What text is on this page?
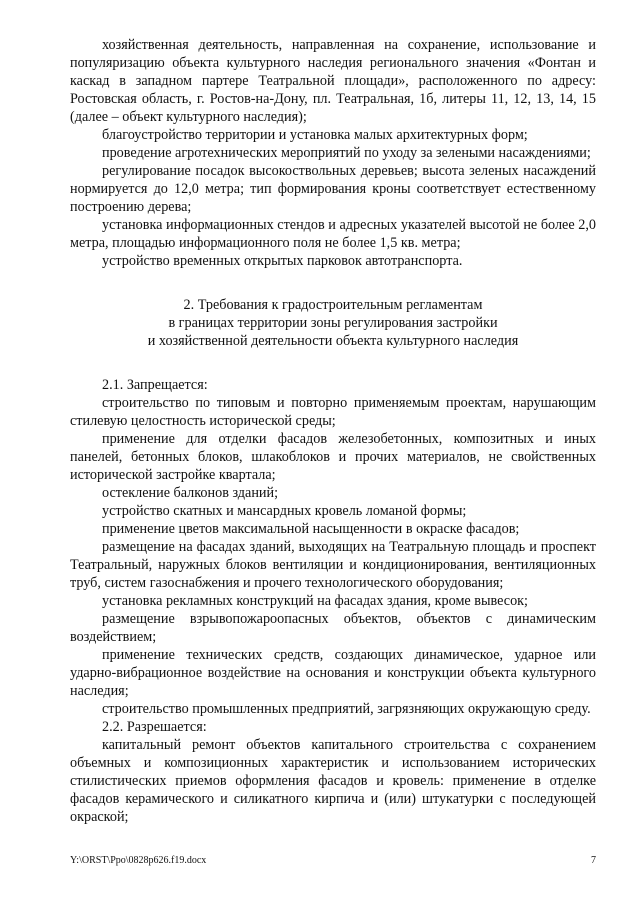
хозяйственная деятельность, направленная на сохранение, использование и популяризацию объекта культурного наследия регионального значения «Фонтан и каскад в западном партере Театральной площади», расположенного по адресу: Ростовская область, г. Ростов-на-Дону, пл. Театральная, 1б, литеры 11, 12, 13, 14, 15 (далее – объект культурного наследия);

благоустройство территории и установка малых архитектурных форм;

проведение агротехнических мероприятий по уходу за зелеными насаждениями;

регулирование посадок высокоствольных деревьев; высота зеленых насаждений нормируется до 12,0 метра; тип формирования кроны соответствует естественному построению дерева;

установка информационных стендов и адресных указателей высотой не более 2,0 метра, площадью информационного поля не более 1,5 кв. метра;

устройство временных открытых парковок автотранспорта.

2. Требования к градостроительным регламентам
в границах территории зоны регулирования застройки
и хозяйственной деятельности объекта культурного наследия

2.1. Запрещается:

строительство по типовым и повторно применяемым проектам, нарушающим стилевую целостность исторической среды;

применение для отделки фасадов железобетонных, композитных и иных панелей, бетонных блоков, шлакоблоков и прочих материалов, не свойственных исторической застройке квартала;

остекление балконов зданий;

устройство скатных и мансардных кровель ломаной формы;

применение цветов максимальной насыщенности в окраске фасадов;

размещение на фасадах зданий, выходящих на Театральную площадь и проспект Театральный, наружных блоков вентиляции и кондиционирования, вентиляционных труб, систем газоснабжения и прочего технологического оборудования;

установка рекламных конструкций на фасадах здания, кроме вывесок;

размещение взрывопожароопасных объектов, объектов с динамическим воздействием;

применение технических средств, создающих динамическое, ударное или ударно-вибрационное воздействие на основания и конструкции объекта культурного наследия;

строительство промышленных предприятий, загрязняющих окружающую среду.

2.2. Разрешается:

капитальный ремонт объектов капитального строительства с сохранением объемных и композиционных характеристик и использованием исторических стилистических приемов оформления фасадов и кровель: применение в отделке фасадов керамического и силикатного кирпича и (или) штукатурки с последующей окраской;

Y:\ORST\Ppo\0828p626.f19.docx	7
